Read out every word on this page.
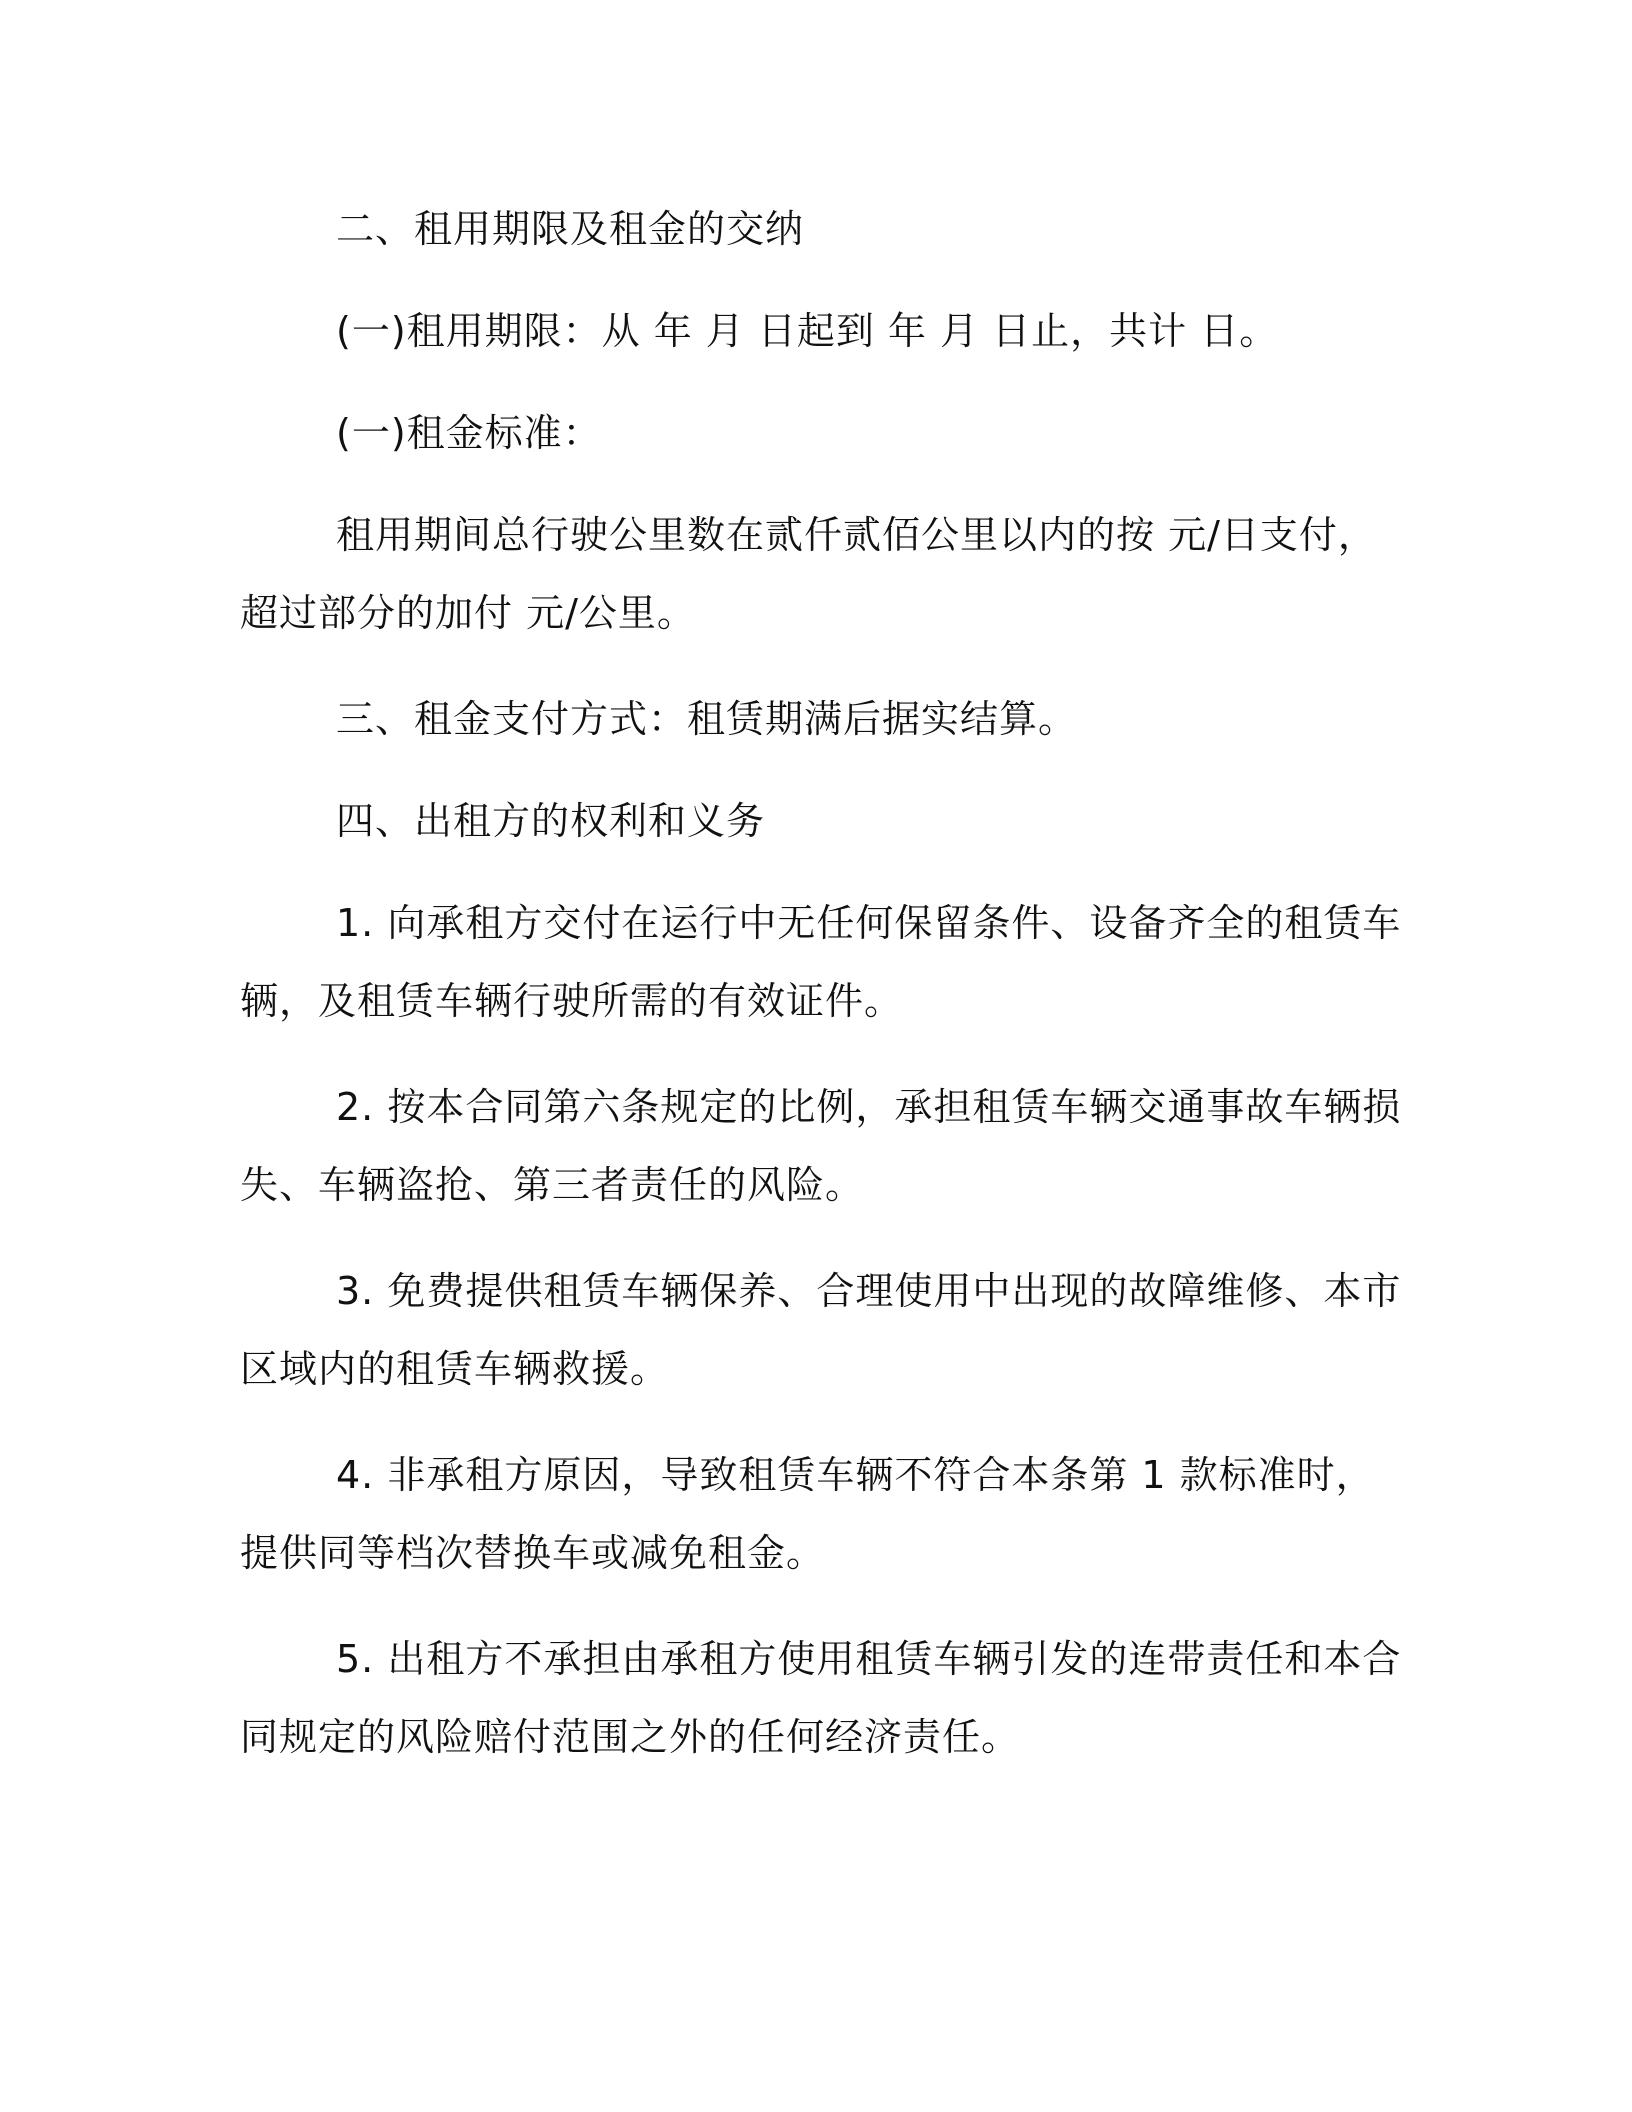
二、租用期限及租金的交纳

(一)租用期限：从 年 月 日起到 年 月 日止，共计 日。

(一)租金标准：

租用期间总行驶公里数在贰仟贰佰公里以内的按 元/日支付，超过部分的加付 元/公里。

三、租金支付方式：租赁期满后据实结算。

四、出租方的权利和义务

1. 向承租方交付在运行中无任何保留条件、设备齐全的租赁车辆，及租赁车辆行驶所需的有效证件。

2. 按本合同第六条规定的比例，承担租赁车辆交通事故车辆损失、车辆盗抢、第三者责任的风险。

3. 免费提供租赁车辆保养、合理使用中出现的故障维修、本市区域内的租赁车辆救援。

4. 非承租方原因，导致租赁车辆不符合本条第 1 款标准时，提供同等档次替换车或减免租金。

5. 出租方不承担由承租方使用租赁车辆引发的连带责任和本合同规定的风险赔付范围之外的任何经济责任。
